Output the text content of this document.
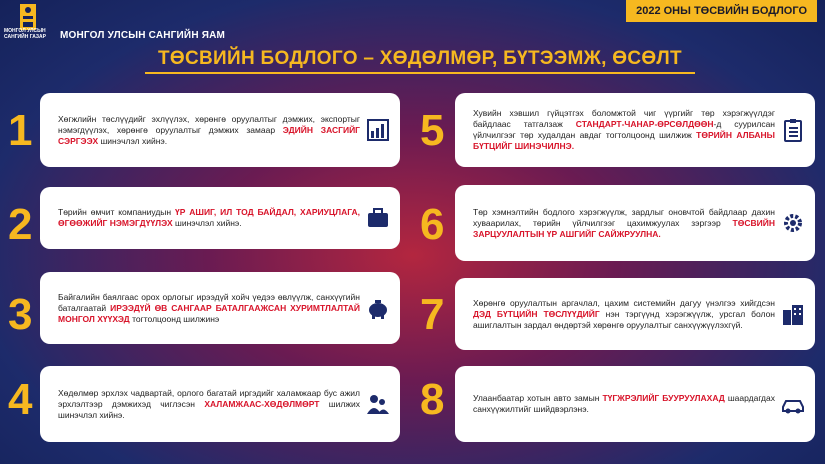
МОНГОЛ УЛСЫН САНГИЙН ГАЗАР	МОНГОЛ УЛСЫН САНГИЙН ЯАМ
2022 ОНЫ ТӨСВИЙН БОДЛОГО
ТӨСВИЙН БОДЛОГО – ХӨДӨЛМӨР, БҮТЭЭМЖ, ӨСӨЛТ
1
2
3
4
5
6
7
8

Хөгжлийн төслүүдийг эхлүүлэх, хөрөнгө оруулалтыг дэмжих, экспортыг нэмэгдүүлэх, хөрөнгө оруулалтыг дэмжих замаар ЭДИЙН ЗАСГИЙГ СЭРГЭЭХ шинэчлэл хийнэ.

Төрийн өмчит компаниудын ҮР АШИГ, ИЛ ТОД БАЙДАЛ, ХАРИУЦЛАГА, ӨГӨӨЖИЙГ НЭМЭГДҮҮЛЭХ шинэчлэл хийнэ.

Байгалийн баялгаас орох орлогыг ирээдүй хойч үедээ өвлүүлж, санхүүгийн баталгаатай ИРЭЭДҮЙ ӨВ САНГААР БАТАЛГААЖСАН ХУРИМТЛАЛТАЙ МОНГОЛ ХҮҮХЭД тогтолцоонд шилжинэ

Хөдөлмөр эрхлэх чадвартай, орлого багатай иргэдийг халамжаар бус ажил эрхлэлтээр дэмжихэд чиглэсэн ХАЛАМЖААС-ХӨДӨЛМӨРТ шилжих шинэчлэл хийнэ.

Хувийн хэвшил гүйцэтгэх боломжтой чиг үүргийг төр хэрэгжүүлдэг байдлаас татгалзаж СТАНДАРТ-ЧАНАР-ӨРСӨЛДӨӨН-д суурилсан үйлчилгээг төр худалдан авдаг тогтолцоонд шилжиж ТӨРИЙН АЛБАНЫ БҮТЦИЙГ ШИНЭЧИЛНЭ.

Төр хэмнэлтийн бодлого хэрэгжүүлж, зардлыг оновчтой байдлаар дахин хуваарилах, төрийн үйлчилгээг цахимжуулах зэргээр ТӨСВИЙН ЗАРЦУУЛАЛТЫН ҮР АШГИЙГ САЙЖРУУЛНА.

Хөрөнгө оруулалтын аргачлал, цахим системийн дагуу үнэлгээ хийгдсэн ДЭД БҮТЦИЙН ТӨСЛҮҮДИЙГ нэн тэргүүнд хэрэгжүүлж, урсгал болон ашиглалтын зардал өндөртэй хөрөнгө оруулалтыг санхүүжүүлэхгүй.

Улаанбаатар хотын авто замын ТҮГЖРЭЛИЙГ БУУРУУЛАХАД шаардагдах санхүүжилтийг шийдвэрлэнэ.
